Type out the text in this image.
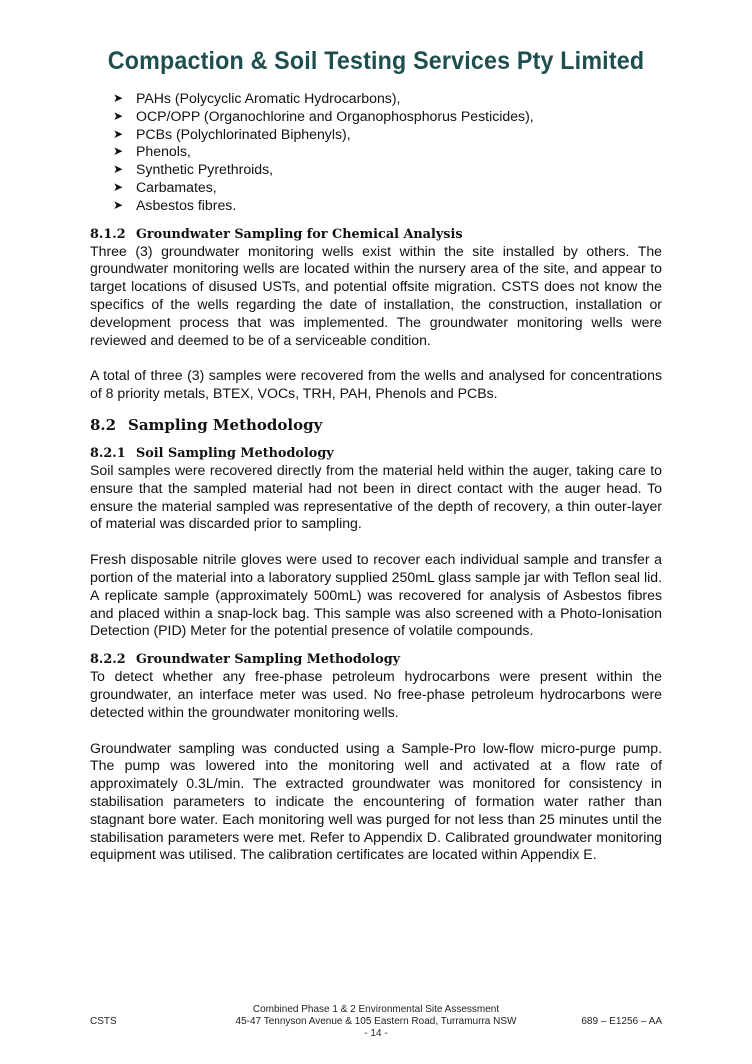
Compaction & Soil Testing Services Pty Limited
➤ PAHs (Polycyclic Aromatic Hydrocarbons),
➤ OCP/OPP (Organochlorine and Organophosphorus Pesticides),
➤ PCBs (Polychlorinated Biphenyls),
➤ Phenols,
➤ Synthetic Pyrethroids,
➤ Carbamates,
➤ Asbestos fibres.
8.1.2 Groundwater Sampling for Chemical Analysis

Three (3) groundwater monitoring wells exist within the site installed by others. The groundwater monitoring wells are located within the nursery area of the site, and appear to target locations of disused USTs, and potential offsite migration. CSTS does not know the specifics of the wells regarding the date of installation, the construction, installation or development process that was implemented. The groundwater monitoring wells were reviewed and deemed to be of a serviceable condition.

A total of three (3) samples were recovered from the wells and analysed for concentrations of 8 priority metals, BTEX, VOCs, TRH, PAH, Phenols and PCBs.

8.2 Sampling Methodology
8.2.1 Soil Sampling Methodology

Soil samples were recovered directly from the material held within the auger, taking care to ensure that the sampled material had not been in direct contact with the auger head. To ensure the material sampled was representative of the depth of recovery, a thin outer-layer of material was discarded prior to sampling.

Fresh disposable nitrile gloves were used to recover each individual sample and transfer a portion of the material into a laboratory supplied 250mL glass sample jar with Teflon seal lid. A replicate sample (approximately 500mL) was recovered for analysis of Asbestos fibres and placed within a snap-lock bag. This sample was also screened with a Photo-Ionisation Detection (PID) Meter for the potential presence of volatile compounds.

8.2.2 Groundwater Sampling Methodology

To detect whether any free-phase petroleum hydrocarbons were present within the groundwater, an interface meter was used. No free-phase petroleum hydrocarbons were detected within the groundwater monitoring wells.

Groundwater sampling was conducted using a Sample-Pro low-flow micro-purge pump. The pump was lowered into the monitoring well and activated at a flow rate of approximately 0.3L/min. The extracted groundwater was monitored for consistency in stabilisation parameters to indicate the encountering of formation water rather than stagnant bore water. Each monitoring well was purged for not less than 25 minutes until the stabilisation parameters were met. Refer to Appendix D. Calibrated groundwater monitoring equipment was utilised. The calibration certificates are located within Appendix E.

Combined Phase 1 & 2 Environmental Site Assessment
CSTS	45-47 Tennyson Avenue & 105 Eastern Road, Turramurra NSW	689 – E1256 – AA
- 14 -
